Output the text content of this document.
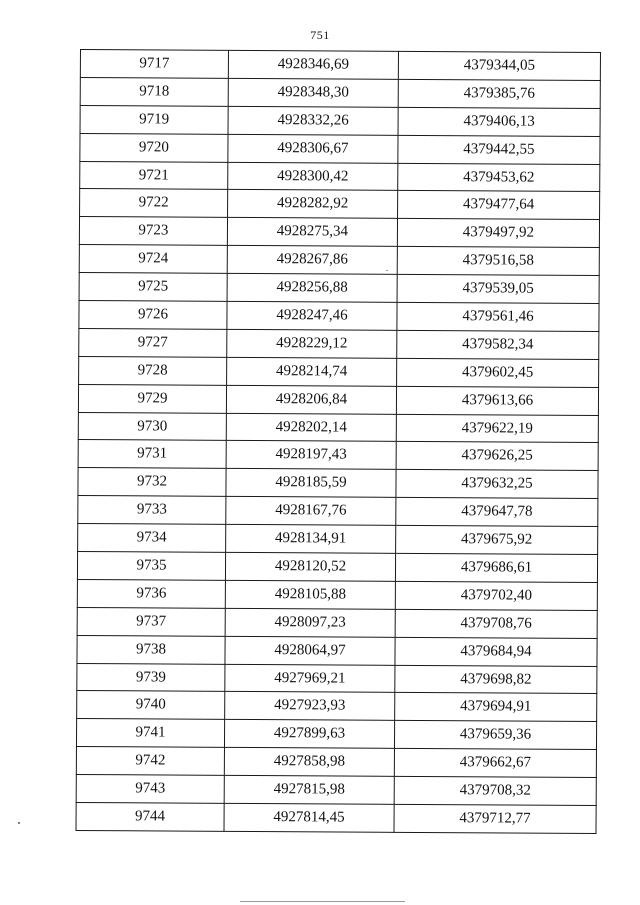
751
9717	4928346,69	4379344,05
9718	4928348,30	4379385,76
9719	4928332,26	4379406,13
9720	4928306,67	4379442,55
9721	4928300,42	4379453,62
9722	4928282,92	4379477,64
9723	4928275,34	4379497,92
9724	4928267,86	4379516,58
9725	4928256,88	4379539,05
9726	4928247,46	4379561,46
9727	4928229,12	4379582,34
9728	4928214,74	4379602,45
9729	4928206,84	4379613,66
9730	4928202,14	4379622,19
9731	4928197,43	4379626,25
9732	4928185,59	4379632,25
9733	4928167,76	4379647,78
9734	4928134,91	4379675,92
9735	4928120,52	4379686,61
9736	4928105,88	4379702,40
9737	4928097,23	4379708,76
9738	4928064,97	4379684,94
9739	4927969,21	4379698,82
9740	4927923,93	4379694,91
9741	4927899,63	4379659,36
9742	4927858,98	4379662,67
9743	4927815,98	4379708,32
9744	4927814,45	4379712,77
